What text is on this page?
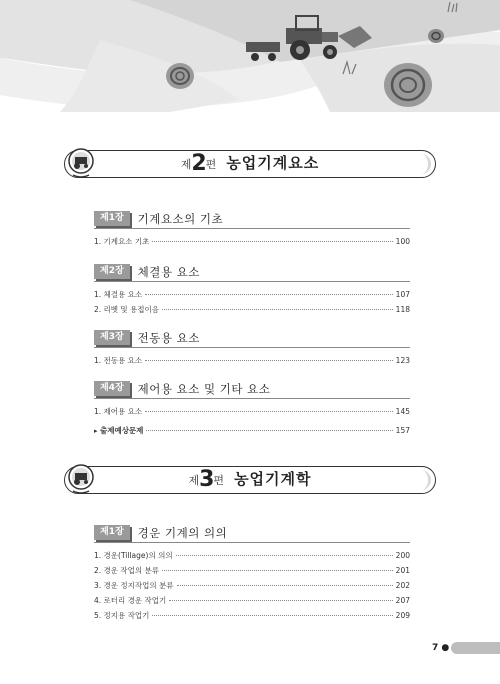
제2편 농업기계요소
제1장 기계요소의 기초
1. 기계요소 기초	100
제2장 체결용 요소
1. 체결용 요소	107
2. 리벳 및 용접이음	118
제3장 전동용 요소
1. 전동용 요소	123
제4장 제어용 요소 및 기타 요소
1. 제어용 요소	145
▸ 출제예상문제	157
제3편 농업기계학
제1장 경운 기계의 의의
1. 경운(Tillage)의 의의	200
2. 경운 작업의 분류	201
3. 경운 정지작업의 분류	202
4. 로터리 경운 작업기	207
5. 정지용 작업기	209
7 ●
